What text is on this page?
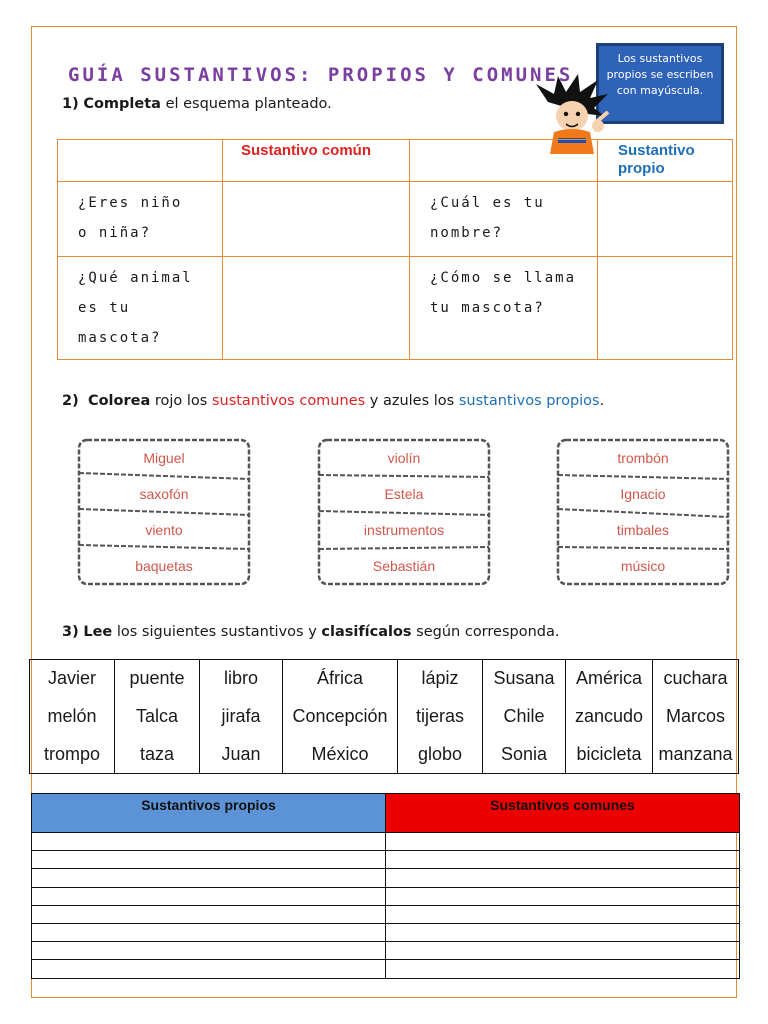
GUÍA SUSTANTIVOS: PROPIOS Y COMUNES
Los sustantivos propios se escriben con mayúscula.
1) Completa el esquema planteado.
	Sustantivo común		Sustantivo propio

¿Eres niño o niña?		¿Cuál es tu nombre?	

¿Qué animal es tu mascota?		¿Cómo se llama tu mascota?	

2) Colorea rojo los sustantivos comunes y azules los sustantivos propios.
Miguel
saxofón
viento
baquetas
violín
Estela
instrumentos
Sebastián
trombón
Ignacio
timbales
músico
3) Lee los siguientes sustantivos y clasifícalos según corresponda.
Javier	puente	libro	África	lápiz	Susana	América	cuchara
melón	Talca	jirafa	Concepción	tijeras	Chile	zancudo	Marcos
trompo	taza	Juan	México	globo	Sonia	bicicleta	manzana
Sustantivos propios	Sustantivos comunes
